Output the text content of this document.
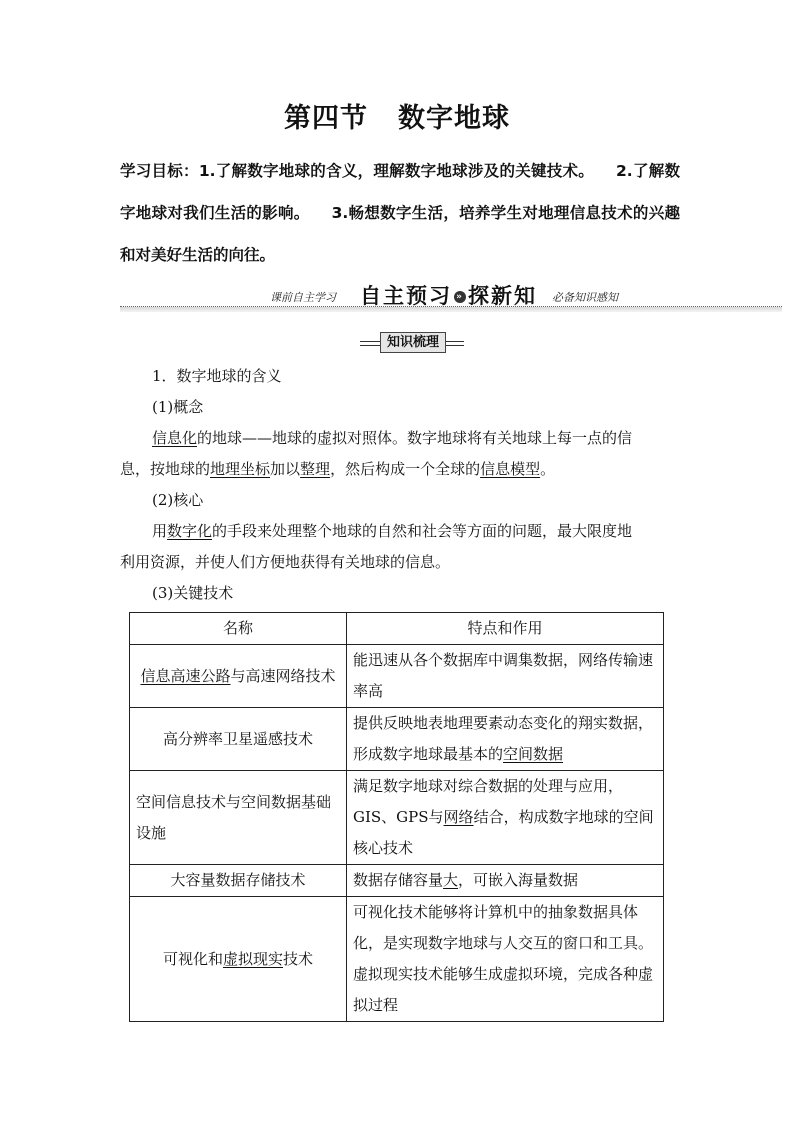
第四节 数字地球
学习目标：1.了解数字地球的含义，理解数字地球涉及的关键技术。 2.了解数字地球对我们生活的影响。 3.畅想数字生活，培养学生对地理信息技术的兴趣和对美好生活的向往。
课前自主学习 自主预习 » 探新知 必备知识感知
知识梳理
1．数字地球的含义
(1)概念
信息化的地球——地球的虚拟对照体。数字地球将有关地球上每一点的信
息，按地球的地理坐标加以整理，然后构成一个全球的信息模型。
(2)核心
用数字化的手段来处理整个地球的自然和社会等方面的问题，最大限度地
利用资源，并使人们方便地获得有关地球的信息。
(3)关键技术
名称	特点和作用
信息高速公路与高速网络技术	能迅速从各个数据库中调集数据，网络传输速率高
高分辨率卫星遥感技术	提供反映地表地理要素动态变化的翔实数据，形成数字地球最基本的空间数据
空间信息技术与空间数据基础设施	满足数字地球对综合数据的处理与应用，GIS、GPS与网络结合，构成数字地球的空间核心技术
大容量数据存储技术	数据存储容量大，可嵌入海量数据
可视化和虚拟现实技术	可视化技术能够将计算机中的抽象数据具体化，是实现数字地球与人交互的窗口和工具。虚拟现实技术能够生成虚拟环境，完成各种虚拟过程
